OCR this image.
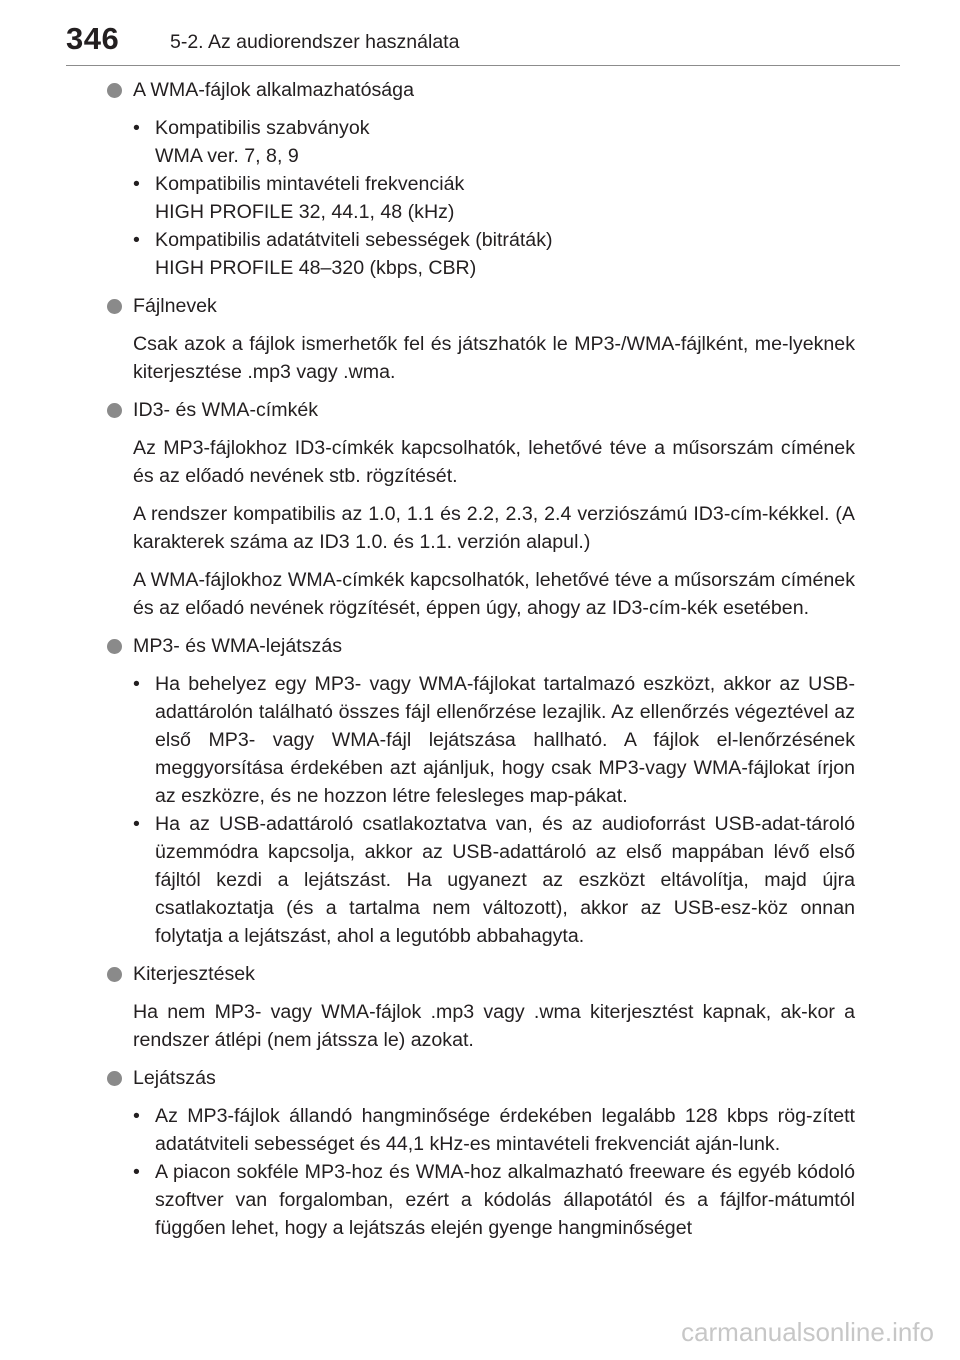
346	5-2. Az audiorendszer használata
A WMA-fájlok alkalmazhatósága
• Kompatibilis szabványok
WMA ver. 7, 8, 9
• Kompatibilis mintavételi frekvenciák
HIGH PROFILE 32, 44.1, 48 (kHz)
• Kompatibilis adatátviteli sebességek (bitráták)
HIGH PROFILE 48–320 (kbps, CBR)
Fájlnevek

Csak azok a fájlok ismerhetők fel és játszhatók le MP3-/WMA-fájlként, me-lyeknek kiterjesztése .mp3 vagy .wma.

ID3- és WMA-címkék

Az MP3-fájlokhoz ID3-címkék kapcsolhatók, lehetővé téve a műsorszám címének és az előadó nevének stb. rögzítését.

A rendszer kompatibilis az 1.0, 1.1 és 2.2, 2.3, 2.4 verziószámú ID3-cím-kékkel. (A karakterek száma az ID3 1.0. és 1.1. verzión alapul.)

A WMA-fájlokhoz WMA-címkék kapcsolhatók, lehetővé téve a műsorszám címének és az előadó nevének rögzítését, éppen úgy, ahogy az ID3-cím-kék esetében.

MP3- és WMA-lejátszás
• Ha behelyez egy MP3- vagy WMA-fájlokat tartalmazó eszközt, akkor az USB-adattárolón található összes fájl ellenőrzése lezajlik. Az ellenőrzés végeztével az első MP3- vagy WMA-fájl lejátszása hallható. A fájlok el-lenőrzésének meggyorsítása érdekében azt ajánljuk, hogy csak MP3-vagy WMA-fájlokat írjon az eszközre, és ne hozzon létre felesleges map-pákat.
• Ha az USB-adattároló csatlakoztatva van, és az audioforrást USB-adat-tároló üzemmódra kapcsolja, akkor az USB-adattároló az első mappában lévő első fájltól kezdi a lejátszást. Ha ugyanezt az eszközt eltávolítja, majd újra csatlakoztatja (és a tartalma nem változott), akkor az USB-esz-köz onnan folytatja a lejátszást, ahol a legutóbb abbahagyta.
Kiterjesztések

Ha nem MP3- vagy WMA-fájlok .mp3 vagy .wma kiterjesztést kapnak, ak-kor a rendszer átlépi (nem játssza le) azokat.

Lejátszás
• Az MP3-fájlok állandó hangminősége érdekében legalább 128 kbps rög-zített adatátviteli sebességet és 44,1 kHz-es mintavételi frekvenciát aján-lunk.
• A piacon sokféle MP3-hoz és WMA-hoz alkalmazható freeware és egyéb kódoló szoftver van forgalomban, ezért a kódolás állapotától és a fájlfor-mátumtól függően lehet, hogy a lejátszás elején gyenge hangminőséget
carmanualsonline.info
